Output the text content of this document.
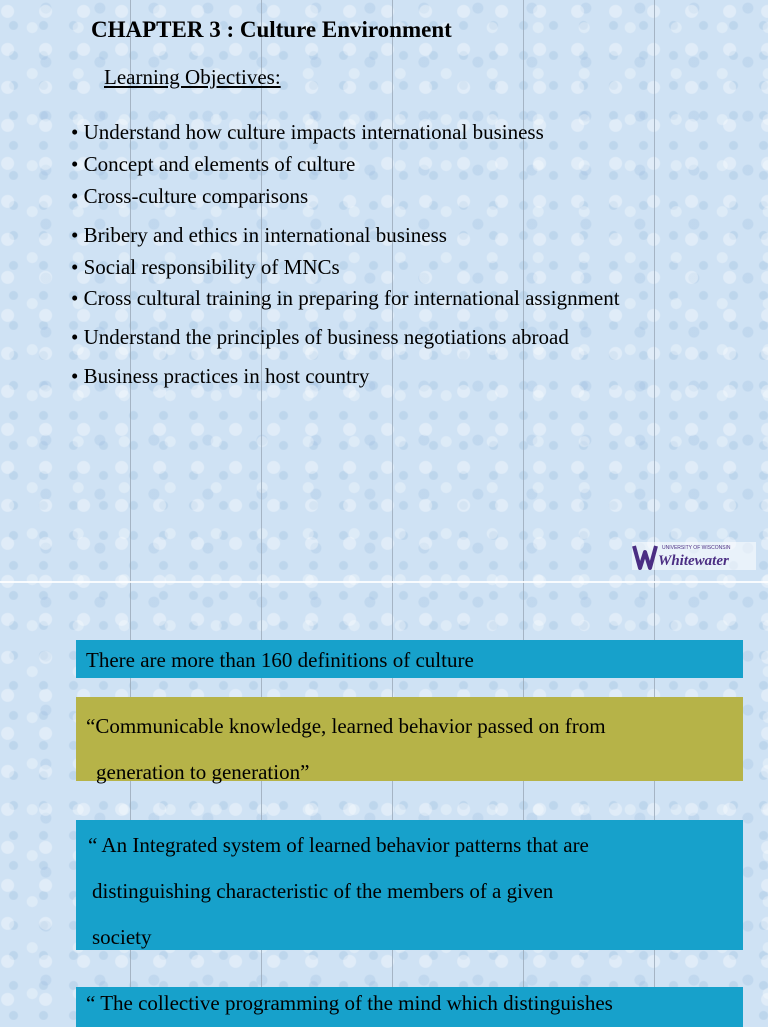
CHAPTER 3 : Culture Environment
Learning Objectives:
• Understand how culture impacts international business
• Concept and elements of culture
• Cross-culture comparisons
• Bribery and ethics in international business
• Social responsibility of MNCs
• Cross cultural training in preparing for international assignment
• Understand the principles of business negotiations abroad
• Business practices in host country
UNIVERSITY OF WISCONSIN
Whitewater
There are more than 160 definitions of culture
“Communicable knowledge, learned behavior passed on from
generation to generation”
“ An Integrated system of learned behavior patterns that are
distinguishing characteristic of the members of a given
society
“ The collective programming of the mind which distinguishes
